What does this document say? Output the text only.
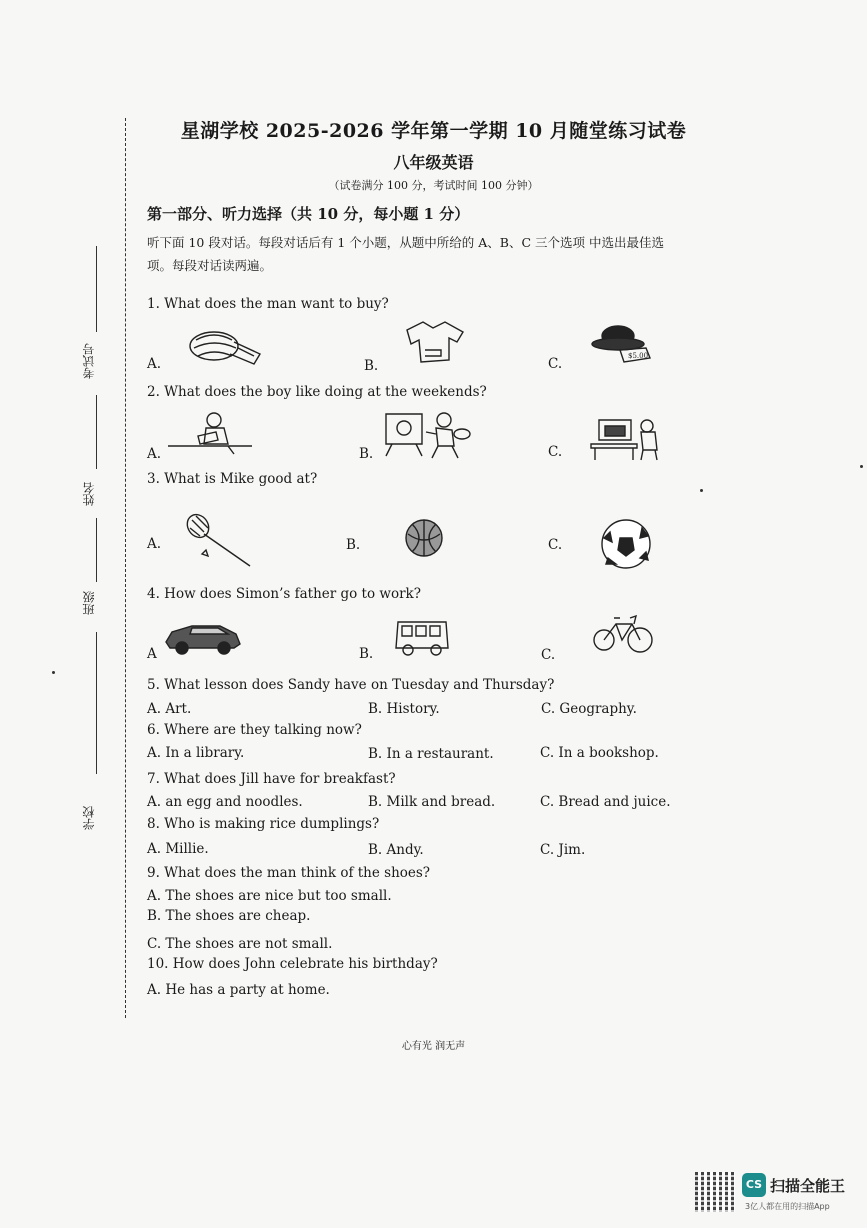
星湖学校 2025-2026 学年第一学期 10 月随堂练习试卷
八年级英语
（试卷满分 100 分，考试时间 100 分钟）
考试号
姓名
班级
学校
第一部分、听力选择（共 10 分，每小题 1 分）
听下面 10 段对话。每段对话后有 1 个小题，从题中所给的 A、B、C 三个选项 中选出最佳选项。每段对话读两遍。
1. What does the man want to buy?
A.	B.	C.	$5.00
2. What does the boy like doing at the weekends?
A.	B.	C.
3. What is Mike good at?
A.	B.	C.
4. How does Simon’s father go to work?
A	B.	C.
5. What lesson does Sandy have on Tuesday and Thursday?
A. Art.	B. History.	C. Geography.
6. Where are they talking now?
A. In a library.	B. In a restaurant.	C. In a bookshop.
7. What does Jill have for breakfast?
A. an egg and noodles.	B. Milk and bread.	C. Bread and juice.
8. Who is making rice dumplings?
A. Millie.	B. Andy.	C. Jim.
9. What does the man think of the shoes?
A. The shoes are nice but too small.
B. The shoes are cheap.
C. The shoes are not small.
10. How does John celebrate his birthday?
A. He has a party at home.
心有光 润无声
CS 扫描全能王
3亿人都在用的扫描App
